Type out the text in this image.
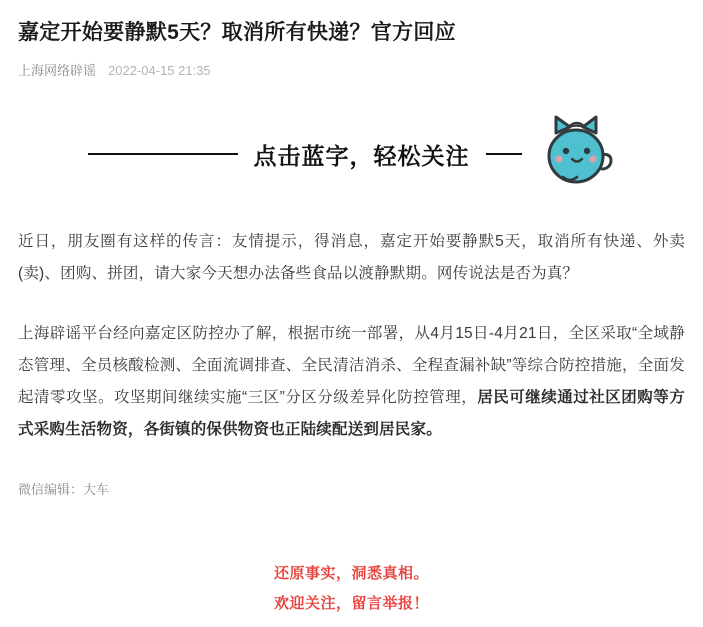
嘉定开始要静默5天？取消所有快递？官方回应
上海网络辟谣 2022-04-15 21:35
点击蓝字，轻松关注

近日，朋友圈有这样的传言：友情提示，得消息，嘉定开始要静默5天，取消所有快递、外卖(卖)、团购、拼团，请大家今天想办法备些食品以渡静默期。网传说法是否为真？

上海辟谣平台经向嘉定区防控办了解，根据市统一部署，从4月15日-4月21日，全区采取“全域静态管理、全员核酸检测、全面流调排查、全民清洁消杀、全程查漏补缺”等综合防控措施，全面发起清零攻坚。攻坚期间继续实施“三区”分区分级差异化防控管理，居民可继续通过社区团购等方式采购生活物资，各街镇的保供物资也正陆续配送到居民家。

微信编辑：大车
还原事实，洞悉真相。
欢迎关注，留言举报！
